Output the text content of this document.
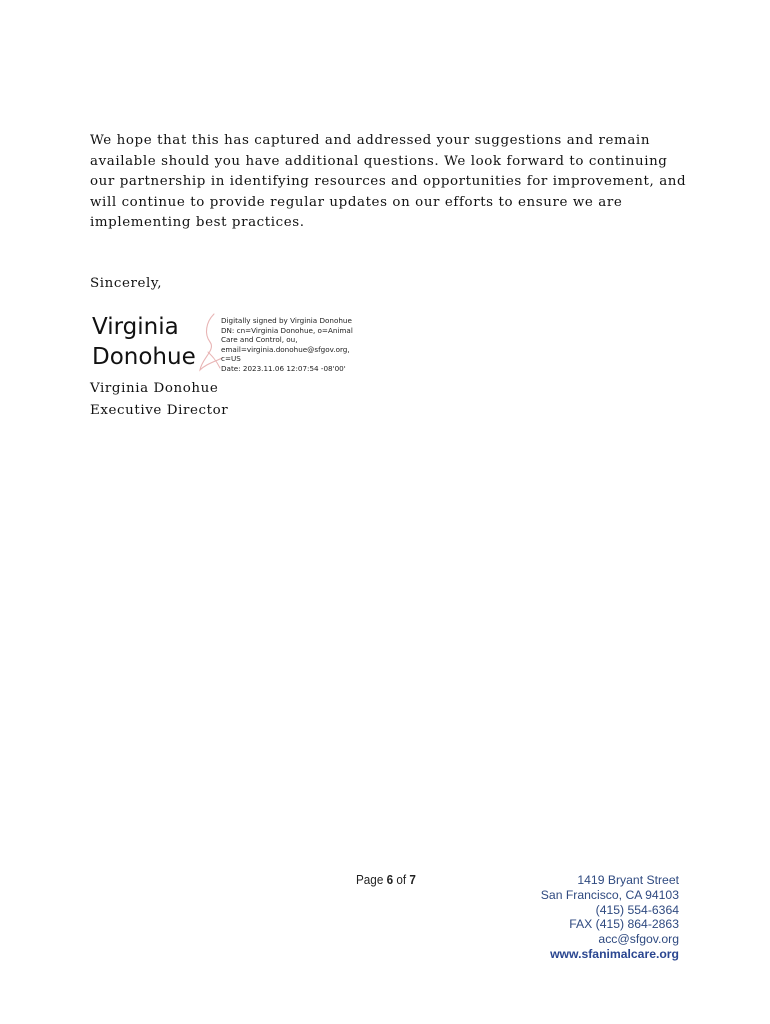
We hope that this has captured and addressed your suggestions and remain
available should you have additional questions. We look forward to continuing
our partnership in identifying resources and opportunities for improvement, and
will continue to provide regular updates on our efforts to ensure we are
implementing best practices.
Sincerely,
Virginia
Donohue
Digitally signed by Virginia Donohue
DN: cn=Virginia Donohue, o=Animal
Care and Control, ou,
email=virginia.donohue@sfgov.org,
c=US
Date: 2023.11.06 12:07:54 -08'00'
Virginia Donohue
Executive Director
Page 6 of 7	1419 Bryant Street
San Francisco, CA 94103
(415) 554-6364
FAX (415) 864-2863
acc@sfgov.org
www.sfanimalcare.org
